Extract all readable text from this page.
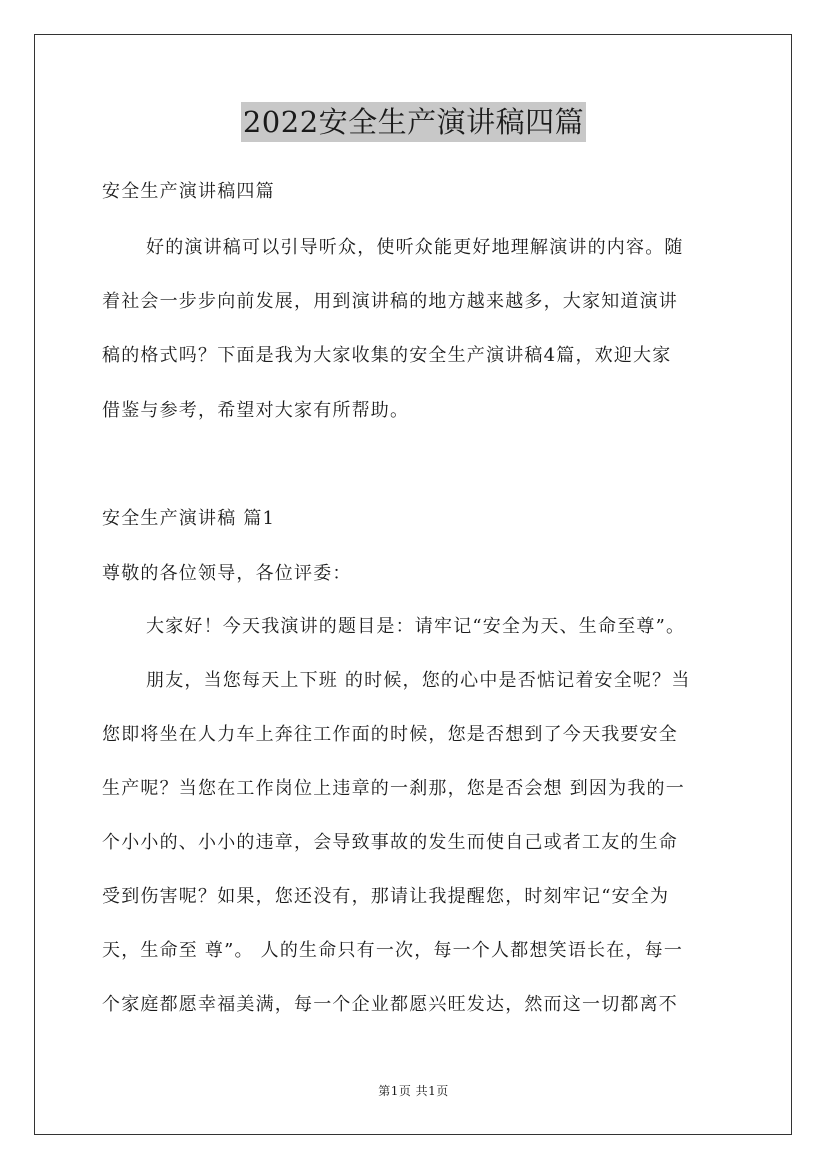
2022安全生产演讲稿四篇
安全生产演讲稿四篇
好的演讲稿可以引导听众，使听众能更好地理解演讲的内容。随
着社会一步步向前发展，用到演讲稿的地方越来越多，大家知道演讲
稿的格式吗？下面是我为大家收集的安全生产演讲稿4篇，欢迎大家
借鉴与参考，希望对大家有所帮助。
安全生产演讲稿 篇1
尊敬的各位领导，各位评委：
大家好！今天我演讲的题目是：请牢记“安全为天、生命至尊”。
朋友，当您每天上下班 的时候，您的心中是否惦记着安全呢？当
您即将坐在人力车上奔往工作面的时候，您是否想到了今天我要安全
生产呢？当您在工作岗位上违章的一刹那，您是否会想 到因为我的一
个小小的、小小的违章，会导致事故的发生而使自己或者工友的生命
受到伤害呢？如果，您还没有，那请让我提醒您，时刻牢记“安全为
天，生命至 尊”。 人的生命只有一次，每一个人都想笑语长在，每一
个家庭都愿幸福美满，每一个企业都愿兴旺发达，然而这一切都离不
第1页 共1页
